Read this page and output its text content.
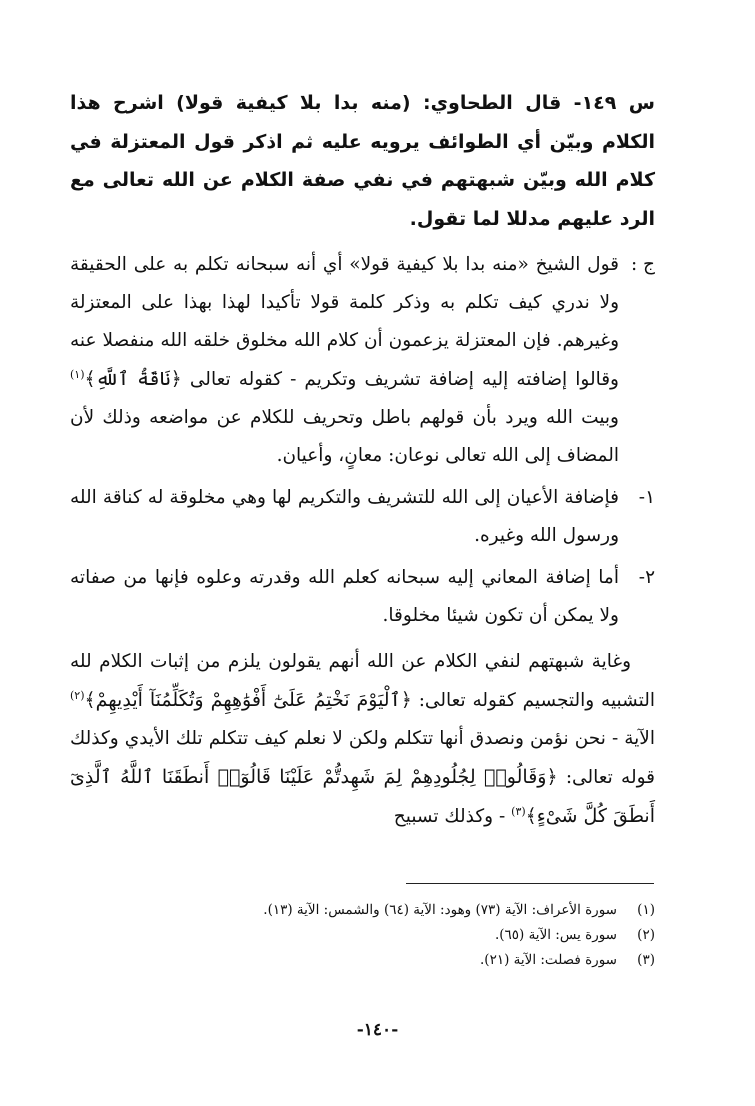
س ١٤٩- قال الطحاوي: (منه بدا بلا كيفية قولا) اشرح هذا الكلام وبيّن أي الطوائف يرويه عليه ثم اذكر قول المعتزلة في كلام الله وبيّن شبهتهم في نفي صفة الكلام عن الله تعالى مع الرد عليهم مدللا لما تقول.

ج :
قول الشيخ «منه بدا بلا كيفية قولا» أي أنه سبحانه تكلم به على الحقيقة ولا ندري كيف تكلم به وذكر كلمة قولا تأكيدا لهذا بهذا على المعتزلة وغيرهم. فإن المعتزلة يزعمون أن كلام الله مخلوق خلقه الله منفصلا عنه وقالوا إضافته إليه إضافة تشريف وتكريم - كقوله تعالى ﴿نَاقَةُ ٱللَّهِ﴾$^{(١)}$ وبيت الله ويرد بأن قولهم باطل وتحريف للكلام عن مواضعه وذلك لأن المضاف إلى الله تعالى نوعان: معانٍ، وأعيان.
١-
فإضافة الأعيان إلى الله للتشريف والتكريم لها وهي مخلوقة له كناقة الله ورسول الله وغيره.
٢-
أما إضافة المعاني إليه سبحانه كعلم الله وقدرته وعلوه فإنها من صفاته ولا يمكن أن تكون شيئا مخلوقا.

وغاية شبهتهم لنفي الكلام عن الله أنهم يقولون يلزم من إثبات الكلام لله التشبيه والتجسيم كقوله تعالى: ﴿ٱلْيَوْمَ نَخْتِمُ عَلَىٰٓ أَفْوَٰهِهِمْ وَتُكَلِّمُنَآ أَيْدِيهِمْ﴾$^{(٢)}$ الآية - نحن نؤمن ونصدق أنها تتكلم ولكن لا نعلم كيف تتكلم تلك الأيدي وكذلك قوله تعالى: ﴿وَقَالُوا۟ لِجُلُودِهِمْ لِمَ شَهِدتُّمْ عَلَيْنَا قَالُوٓا۟ أَنطَقَنَا ٱللَّهُ ٱلَّذِىٓ أَنطَقَ كُلَّ شَىْءٍ﴾$^{(٣)}$ - وكذلك تسبيح

(١)
سورة الأعراف: الآية (٧٣) وهود: الآية (٦٤) والشمس: الآية (١٣).
(٢)
سورة يس: الآية (٦٥).
(٣)
سورة فصلت: الآية (٢١).
-١٤٠-
